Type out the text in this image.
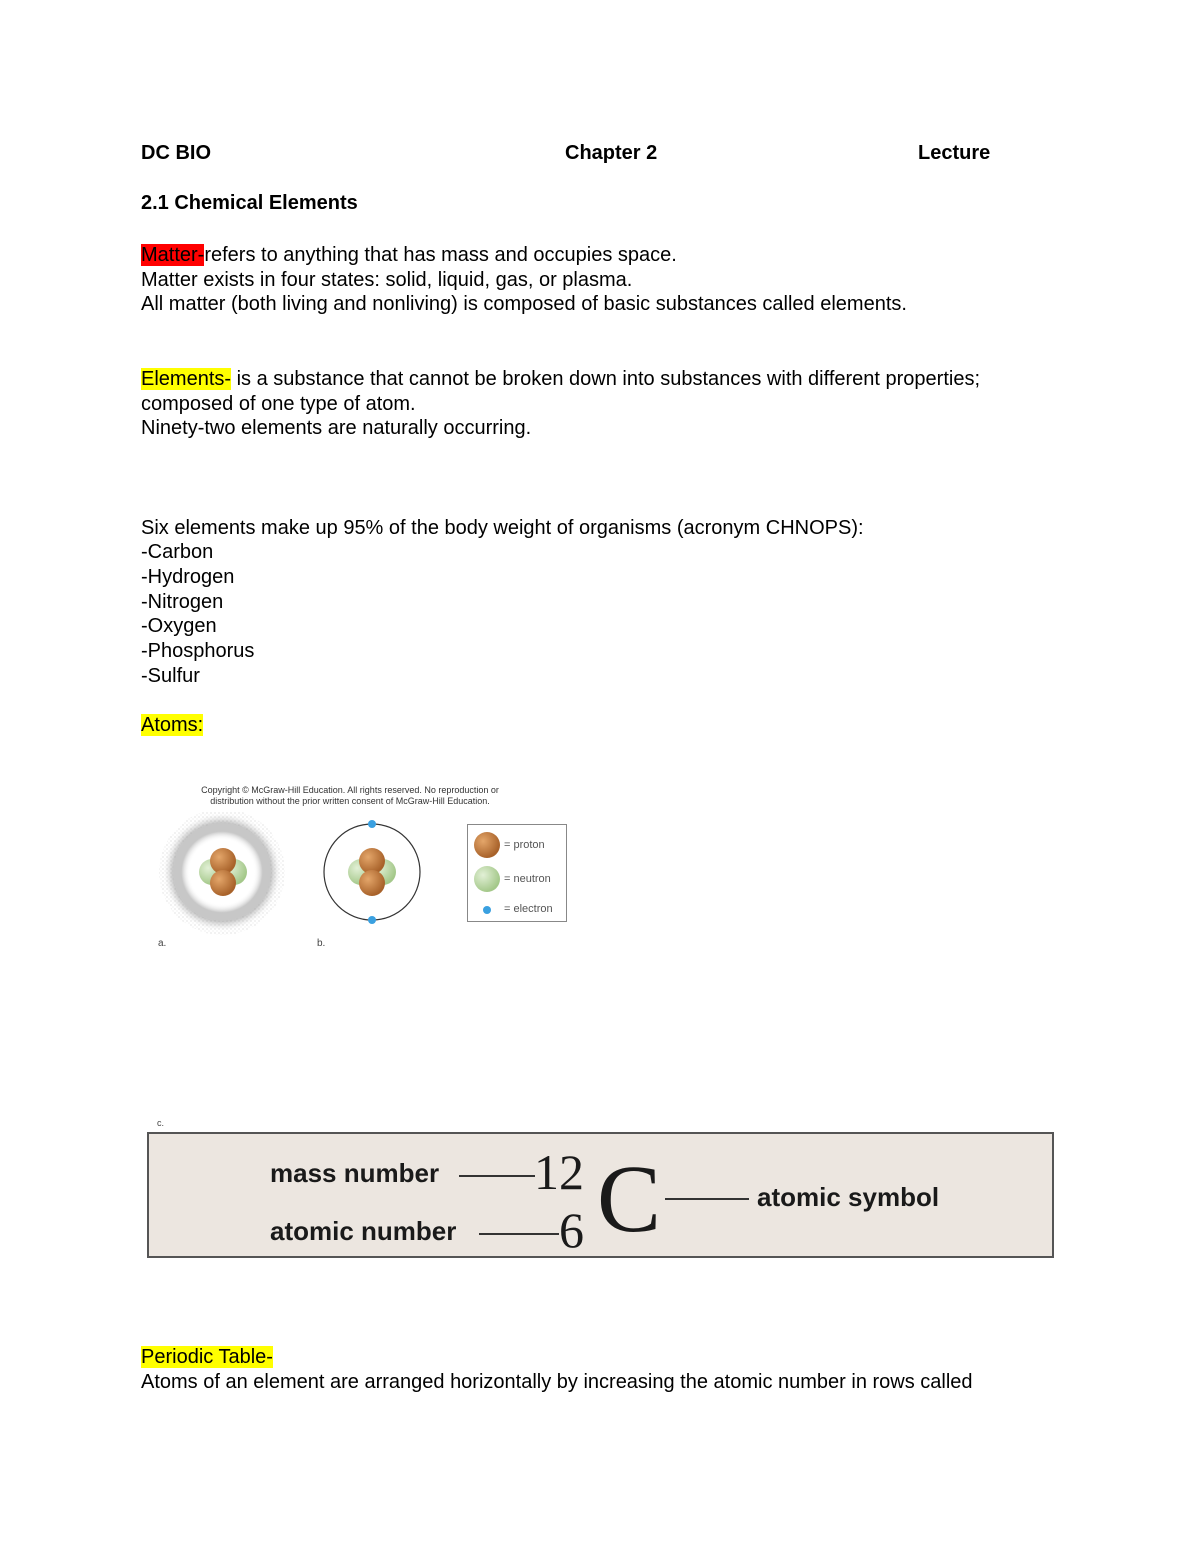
DC BIO	Chapter 2	Lecture
2.1 Chemical Elements
Matter-refers to anything that has mass and occupies space.
Matter exists in four states: solid, liquid, gas, or plasma.
All matter (both living and nonliving) is composed of basic substances called elements.
Elements- is a substance that cannot be broken down into substances with different properties;
composed of one type of atom.
Ninety-two elements are naturally occurring.
Six elements make up 95% of the body weight of organisms (acronym CHNOPS):
-Carbon
-Hydrogen
-Nitrogen
-Oxygen
-Phosphorus
-Sulfur
Atoms:
Copyright © McGraw-Hill Education. All rights reserved. No reproduction or
distribution without the prior written consent of McGraw-Hill Education.
a.	b.
= proton
= neutron
= electron
c.
mass number
atomic number
atomic symbol
12
6 C
Periodic Table-
Atoms of an element are arranged horizontally by increasing the atomic number in rows called
